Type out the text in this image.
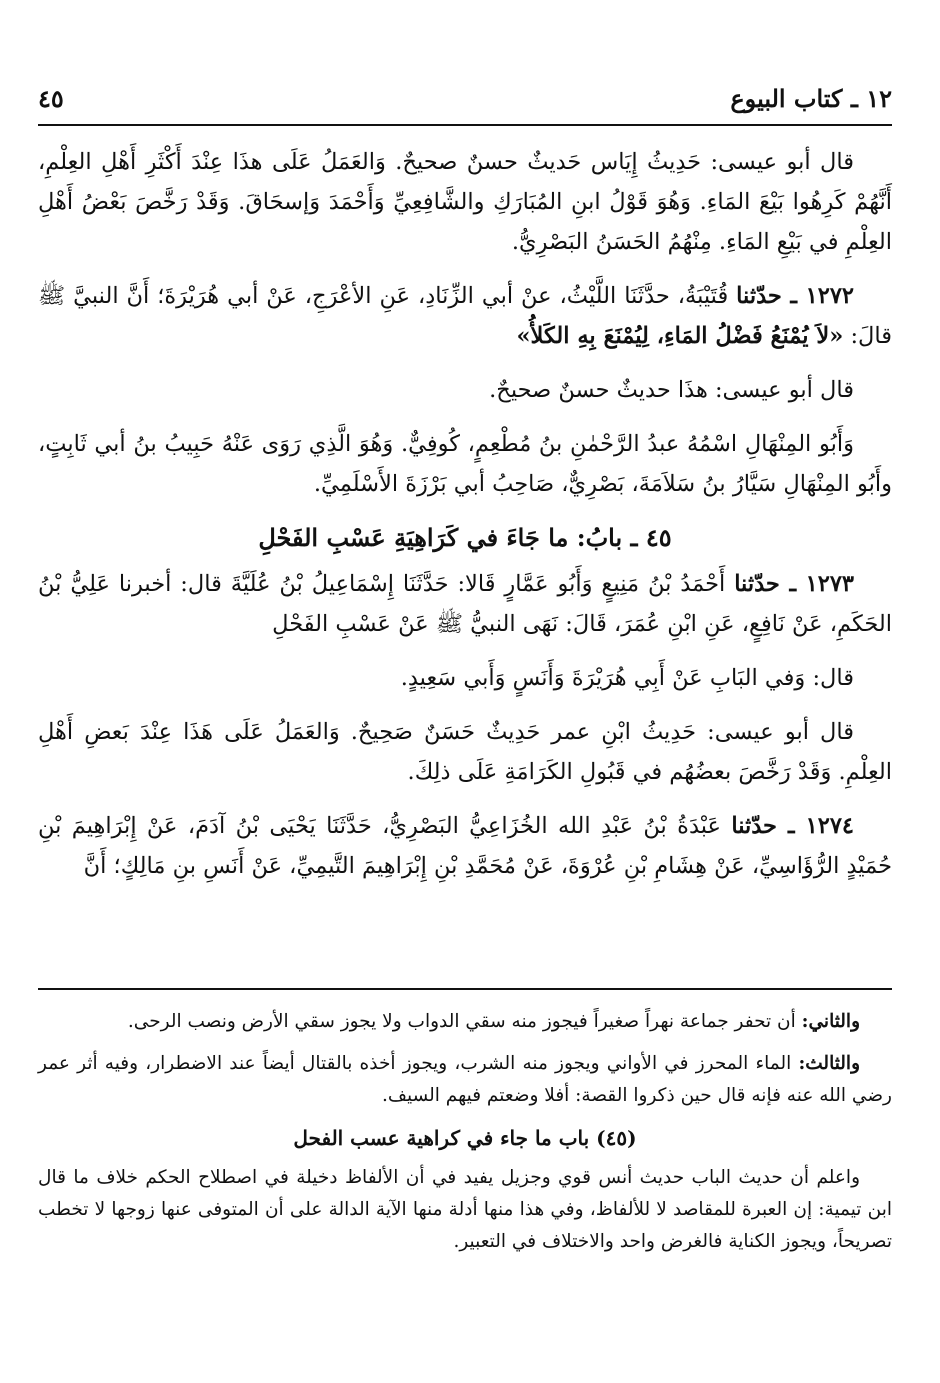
١٢ ـ كتاب البيوع
٤٥

قال أبو عيسى: حَدِيثُ إِيَاس حَديثٌ حسنٌ صحيحٌ. وَالعَمَلُ عَلَى هذَا عِنْدَ أَكْثَرِ أَهْلِ العِلْمِ، أَنَّهُمْ كَرِهُوا بَيْعَ المَاءِ. وَهُوَ قَوْلُ ابنِ المُبَارَكِ والشَّافِعِيِّ وَأَحْمَدَ وَإسحَاقَ. وَقَدْ رَخَّصَ بَعْضُ أَهْلِ العِلْمِ في بَيْعِ المَاءِ. مِنْهُمُ الحَسَنُ البَصْرِيُّ.

١٢٧٢ ـ حدّثنا قُتَيْبَةُ، حدَّثَنَا اللَّيْثُ، عنْ أبي الزِّنَادِ، عَنِ الأعْرَجِ، عَنْ أبي هُرَيْرَةَ؛ أَنَّ النبيَّ ﷺ قالَ: «لاَ يُمْنَعُ فَضْلُ المَاءِ، لِيُمْنَعَ بِهِ الكَلأُ»

قال أبو عيسى: هذَا حديثٌ حسنٌ صحيحٌ.

وَأَبُو المِنْهَالِ اسْمُهُ عبدُ الرَّحْمٰنِ بنُ مُطْعِمٍ، كُوفِيٌّ. وَهُوَ الَّذِي رَوَى عَنْهُ حَبِيبُ بنُ أبي ثَابِتٍ، وأَبُو المِنْهَالِ سَيَّارُ بنُ سَلاَمَةَ، بَصْرِيٌّ، صَاحِبُ أبي بَرْزَةَ الأَسْلَمِيِّ.

٤٥ ـ بابُ: ما جَاءَ في كَرَاهِيَةِ عَسْبِ الفَحْلِ

١٢٧٣ ـ حدّثنا أَحْمَدُ بْنُ مَنِيعٍ وَأَبُو عَمَّارٍ قَالا: حَدَّثَنَا إِسْمَاعِيلُ بْنُ عُلَيَّةَ قال: أخبرنا عَلِيُّ بْنُ الحَكَمِ، عَنْ نَافِعٍ، عَنِ ابْنِ عُمَرَ، قَالَ: نَهَى النبيُّ ﷺ عَنْ عَسْبِ الفَحْلِ

قال: وَفي البَابِ عَنْ أَبِي هُرَيْرَةَ وَأَنَسٍ وَأَبي سَعِيدٍ.

قال أبو عيسى: حَدِيثُ ابْنِ عمر حَدِيثٌ حَسَنٌ صَحِيحٌ. وَالعَمَلُ عَلَى هَذَا عِنْدَ بَعضِ أَهْلِ العِلْمِ. وَقَدْ رَخَّصَ بعضُهُم في قَبُولِ الكَرَامَةِ عَلَى ذلِكَ.

١٢٧٤ ـ حدّثنا عَبْدَةُ بْنُ عَبْدِ الله الخُزَاعِيُّ البَصْرِيُّ، حَدَّثَنَا يَحْيَى بْنُ آدَمَ، عَنْ إِبْرَاهِيمَ بْنِ حُمَيْدٍ الرُّؤَاسِيِّ، عَنْ هِشَامِ بْنِ عُرْوَةَ، عَنْ مُحَمَّدِ بْنِ إِبْرَاهِيمَ التَّيمِيِّ، عَنْ أَنَسِ بنِ مَالِكٍ؛ أَنَّ

والثاني: أن تحفر جماعة نهراً صغيراً فيجوز منه سقي الدواب ولا يجوز سقي الأرض ونصب الرحى.

والثالث: الماء المحرز في الأواني ويجوز منه الشرب، ويجوز أخذه بالقتال أيضاً عند الاضطرار، وفيه أثر عمر رضي الله عنه فإنه قال حين ذكروا القصة: أفلا وضعتم فيهم السيف.

(٤٥) باب ما جاء في كراهية عسب الفحل

واعلم أن حديث الباب حديث أنس قوي وجزيل يفيد في أن الألفاظ دخيلة في اصطلاح الحكم خلاف ما قال ابن تيمية: إن العبرة للمقاصد لا للألفاظ، وفي هذا منها أدلة منها الآية الدالة على أن المتوفى عنها زوجها لا تخطب تصريحاً، ويجوز الكناية فالغرض واحد والاختلاف في التعبير.
